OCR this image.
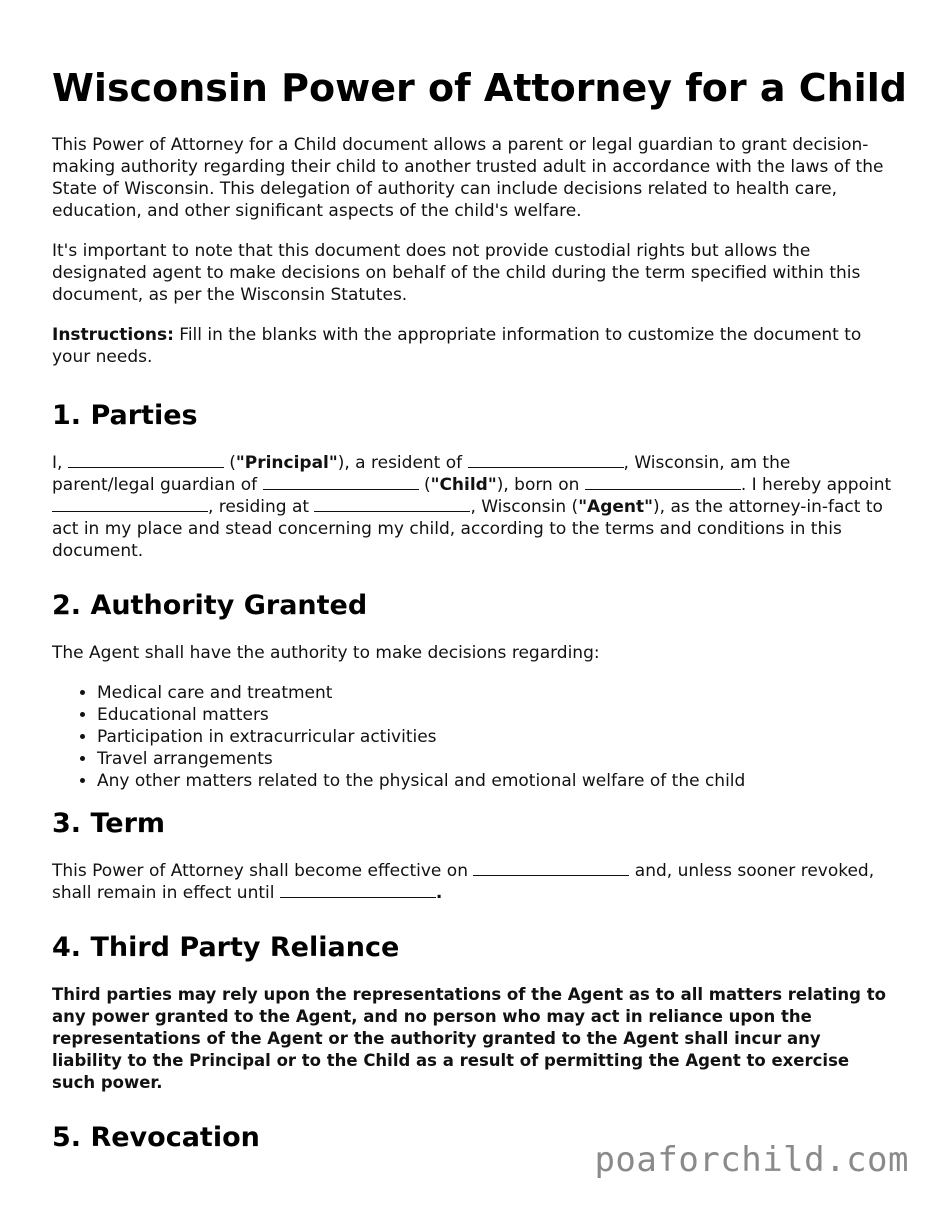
Wisconsin Power of Attorney for a Child

This Power of Attorney for a Child document allows a parent or legal guardian to grant decision-making authority regarding their child to another trusted adult in accordance with the laws of the State of Wisconsin. This delegation of authority can include decisions related to health care, education, and other significant aspects of the child's welfare.

It's important to note that this document does not provide custodial rights but allows the designated agent to make decisions on behalf of the child during the term specified within this document, as per the Wisconsin Statutes.

Instructions: Fill in the blanks with the appropriate information to customize the document to your needs.

1. Parties

I,	("Principal"), a resident of	, Wisconsin, am the parent/legal guardian of	("Child"), born on	. I hereby appoint , residing at	, Wisconsin ("Agent"), as the attorney-in-fact to act in my place and stead concerning my child, according to the terms and conditions in this document.

2. Authority Granted

The Agent shall have the authority to make decisions regarding:

• Medical care and treatment
• Educational matters
• Participation in extracurricular activities
• Travel arrangements
• Any other matters related to the physical and emotional welfare of the child
3. Term

This Power of Attorney shall become effective on	and, unless sooner revoked, shall remain in effect until	.

4. Third Party Reliance

Third parties may rely upon the representations of the Agent as to all matters relating to any power granted to the Agent, and no person who may act in reliance upon the representations of the Agent or the authority granted to the Agent shall incur any liability to the Principal or to the Child as a result of permitting the Agent to exercise such power.

5. Revocation
poaforchild.com
